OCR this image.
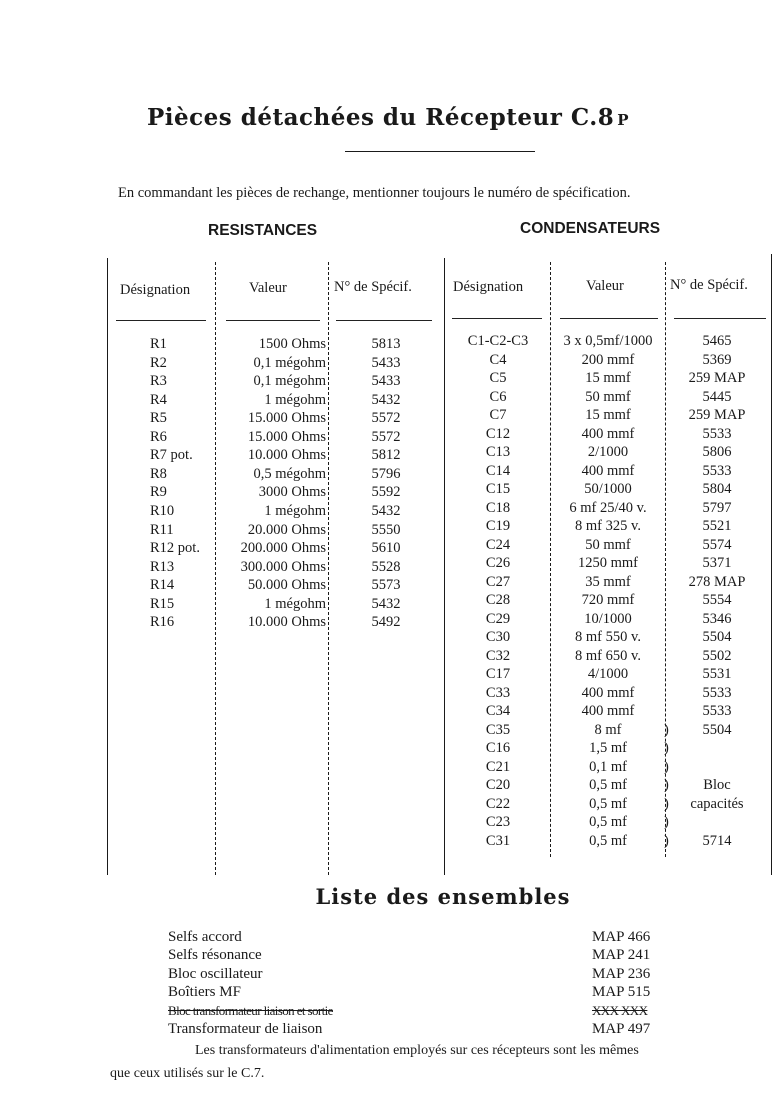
Pièces détachées du Récepteur C.8 P
En commandant les pièces de rechange, mentionner toujours le numéro de spécification.
RESISTANCES	CONDENSATEURS
Désignation	Valeur	N° de Spécif.	Désignation	Valeur	N° de Spécif.
R1	1500 Ohms	5813
R2	0,1 mégohm	5433
R3	0,1 mégohm	5433
R4	1 mégohm	5432
R5	15.000 Ohms	5572
R6	15.000 Ohms	5572
R7 pot.	10.000 Ohms	5812
R8	0,5 mégohm	5796
R9	3000 Ohms	5592
R10	1 mégohm	5432
R11	20.000 Ohms	5550
R12 pot.	200.000 Ohms	5610
R13	300.000 Ohms	5528
R14	50.000 Ohms	5573
R15	1 mégohm	5432
R16	10.000 Ohms	5492
C1-C2-C3	3 x 0,5mf/1000	5465
C4	200 mmf	5369
C5	15 mmf	259 MAP
C6	50 mmf	5445
C7	15 mmf	259 MAP
C12	400 mmf	5533
C13	2/1000	5806
C14	400 mmf	5533
C15	50/1000	5804
C18	6 mf 25/40 v.	5797
C19	8 mf 325 v.	5521
C24	50 mmf	5574
C26	1250 mmf	5371
C27	35 mmf	278 MAP
C28	720 mmf	5554
C29	10/1000	5346
C30	8 mf 550 v.	5504
C32	8 mf 650 v.	5502
C17	4/1000	5531
C33	400 mmf	5533
C34	400 mmf	5533
C35	8 mf	5504
C16	1,5 mf
C21	0,1 mf
C20	0,5 mf	Bloc
C22	0,5 mf	capacités
C23	0,5 mf
C31	0,5 mf	5714
)
)
)
)
)
)
)
Liste des ensembles
Selfs accord	MAP 466
Selfs résonance	MAP 241
Bloc oscillateur	MAP 236
Boîtiers MF	MAP 515
Bloc transformateur liaison et sortie	XXX XXX
Transformateur de liaison	MAP 497
Les transformateurs d'alimentation employés sur ces récepteurs sont les mêmes
que ceux utilisés sur le C.7.
